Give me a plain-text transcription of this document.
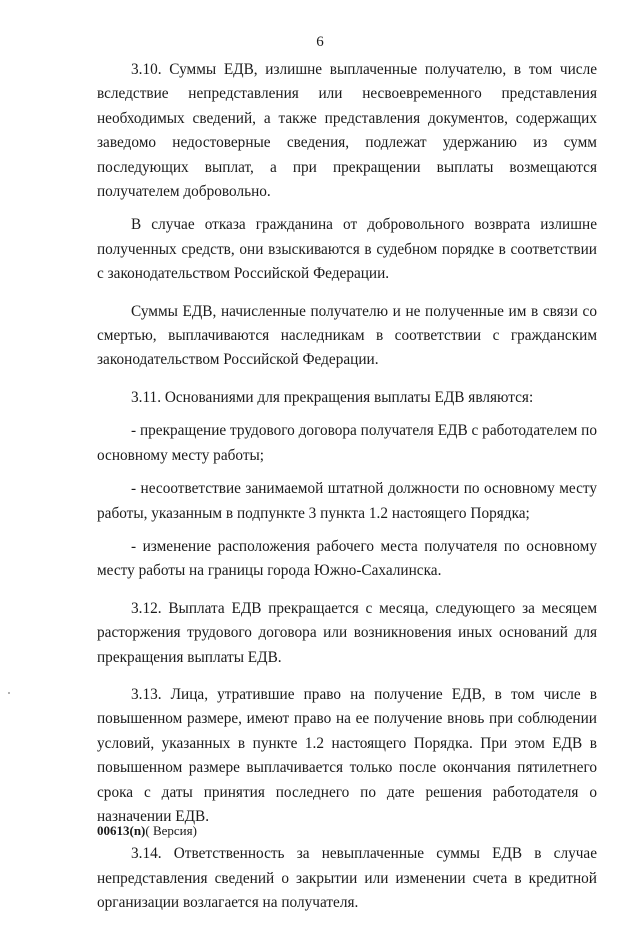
6

3.10. Суммы ЕДВ, излишне выплаченные получателю, в том числе вследствие непредставления или несвоевременного представления необходимых сведений, а также представления документов, содержащих заведомо недостоверные сведения, подлежат удержанию из сумм последующих выплат, а при прекращении выплаты возмещаются получателем добровольно.

В случае отказа гражданина от добровольного возврата излишне полученных средств, они взыскиваются в судебном порядке в соответствии с законодательством Российской Федерации.

Суммы ЕДВ, начисленные получателю и не полученные им в связи со смертью, выплачиваются наследникам в соответствии с гражданским законодательством Российской Федерации.

3.11. Основаниями для прекращения выплаты ЕДВ являются:

- прекращение трудового договора получателя ЕДВ с работодателем по основному месту работы;

- несоответствие занимаемой штатной должности по основному месту работы, указанным в подпункте 3 пункта 1.2 настоящего Порядка;

- изменение расположения рабочего места получателя по основному месту работы на границы города Южно-Сахалинска.

3.12. Выплата ЕДВ прекращается с месяца, следующего за месяцем расторжения трудового договора или возникновения иных оснований для прекращения выплаты ЕДВ.

3.13. Лица, утратившие право на получение ЕДВ, в том числе в повышенном размере, имеют право на ее получение вновь при соблюдении условий, указанных в пункте 1.2 настоящего Порядка. При этом ЕДВ в повышенном размере выплачивается только после окончания пятилетнего срока с даты принятия последнего по дате решения работодателя о назначении ЕДВ.

3.14. Ответственность за невыплаченные суммы ЕДВ в случае непредставления сведений о закрытии или изменении счета в кредитной организации возлагается на получателя.

00613(n)( Версия)
